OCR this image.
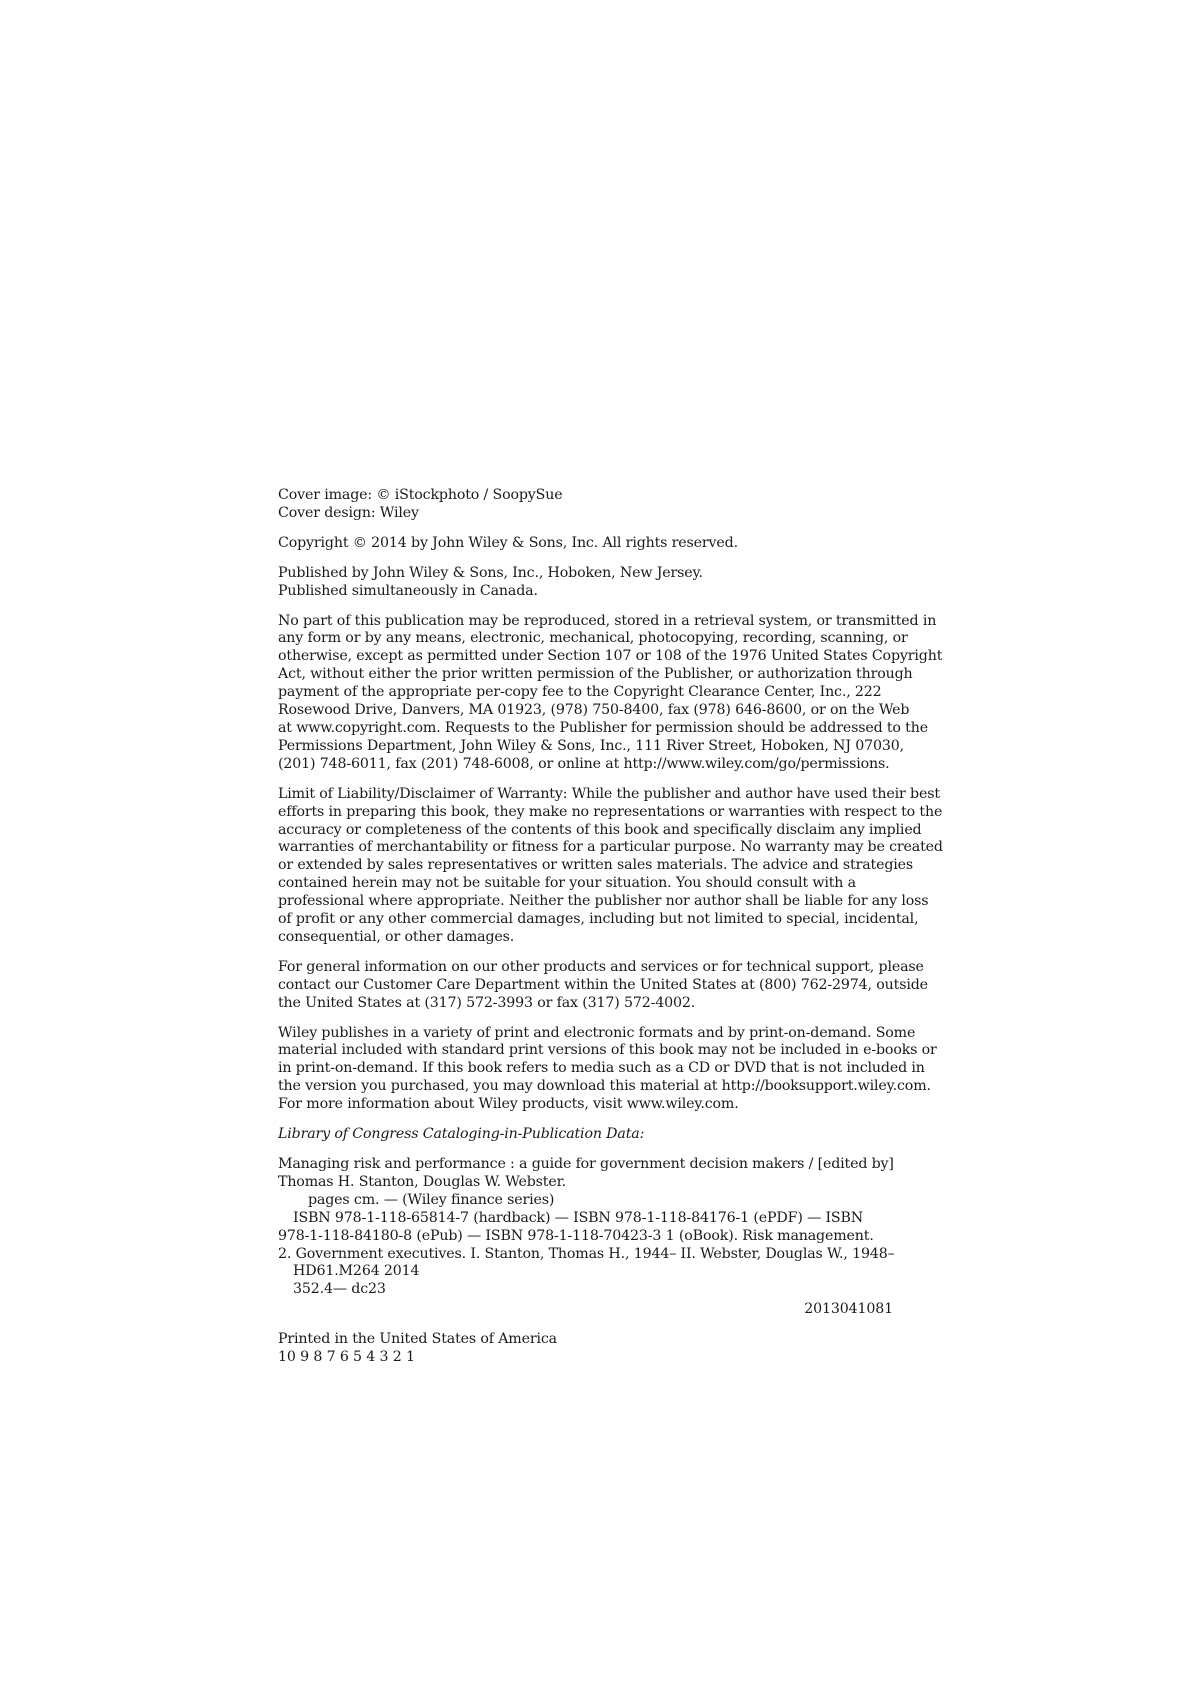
Cover image: © iStockphoto / SoopySue
Cover design: Wiley
Copyright © 2014 by John Wiley & Sons, Inc. All rights reserved.
Published by John Wiley & Sons, Inc., Hoboken, New Jersey.
Published simultaneously in Canada.
No part of this publication may be reproduced, stored in a retrieval system, or transmitted in
any form or by any means, electronic, mechanical, photocopying, recording, scanning, or
otherwise, except as permitted under Section 107 or 108 of the 1976 United States Copyright
Act, without either the prior written permission of the Publisher, or authorization through
payment of the appropriate per-copy fee to the Copyright Clearance Center, Inc., 222
Rosewood Drive, Danvers, MA 01923, (978) 750-8400, fax (978) 646-8600, or on the Web
at www.copyright.com. Requests to the Publisher for permission should be addressed to the
Permissions Department, John Wiley & Sons, Inc., 111 River Street, Hoboken, NJ 07030,
(201) 748-6011, fax (201) 748-6008, or online at http://www.wiley.com/go/permissions.
Limit of Liability/Disclaimer of Warranty: While the publisher and author have used their best
efforts in preparing this book, they make no representations or warranties with respect to the
accuracy or completeness of the contents of this book and specifically disclaim any implied
warranties of merchantability or fitness for a particular purpose. No warranty may be created
or extended by sales representatives or written sales materials. The advice and strategies
contained herein may not be suitable for your situation. You should consult with a
professional where appropriate. Neither the publisher nor author shall be liable for any loss
of profit or any other commercial damages, including but not limited to special, incidental,
consequential, or other damages.
For general information on our other products and services or for technical support, please
contact our Customer Care Department within the United States at (800) 762-2974, outside
the United States at (317) 572-3993 or fax (317) 572-4002.
Wiley publishes in a variety of print and electronic formats and by print-on-demand. Some
material included with standard print versions of this book may not be included in e-books or
in print-on-demand. If this book refers to media such as a CD or DVD that is not included in
the version you purchased, you may download this material at http://booksupport.wiley.com.
For more information about Wiley products, visit www.wiley.com.
Library of Congress Cataloging-in-Publication Data:
Managing risk and performance : a guide for government decision makers / [edited by]
Thomas H. Stanton, Douglas W. Webster.
pages cm. — (Wiley finance series)
ISBN 978-1-118-65814-7 (hardback) — ISBN 978-1-118-84176-1 (ePDF) — ISBN
978-1-118-84180-8 (ePub) — ISBN 978-1-118-70423-3 1 (oBook). Risk management.
2. Government executives. I. Stanton, Thomas H., 1944– II. Webster, Douglas W., 1948–
HD61.M264 2014
352.4— dc23
2013041081
Printed in the United States of America
10 9 8 7 6 5 4 3 2 1
